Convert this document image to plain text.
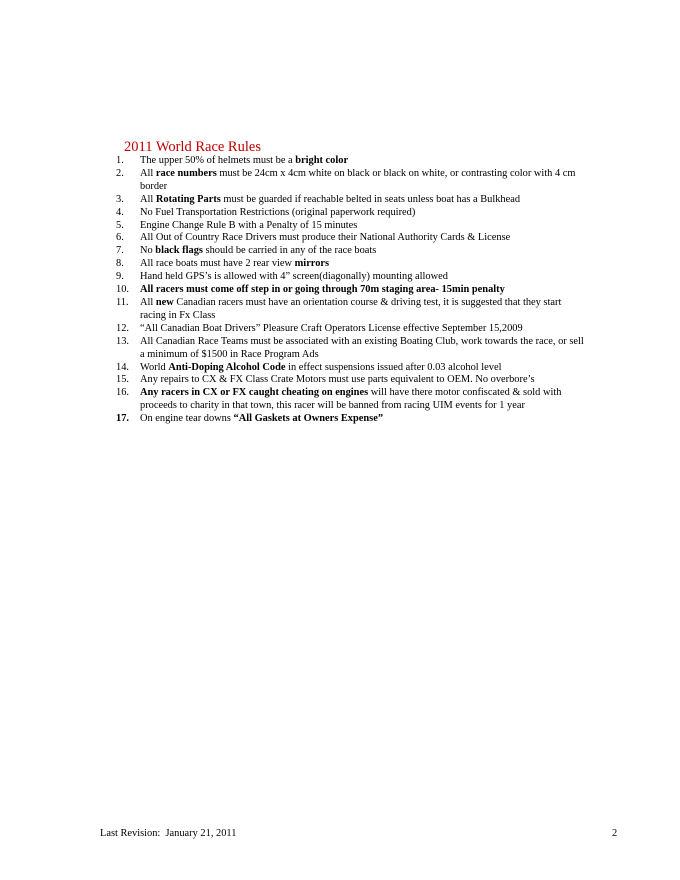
2011 World Race Rules
1.	The upper 50% of helmets must be a bright color
2.	All race numbers must be 24cm x 4cm white on black or black on white, or contrasting color with 4 cm border
3.	All Rotating Parts must be guarded if reachable belted in seats unless boat has a Bulkhead
4.	No Fuel Transportation Restrictions (original paperwork required)
5.	Engine Change Rule B with a Penalty of 15 minutes
6.	All Out of Country Race Drivers must produce their National Authority Cards & License
7.	No black flags should be carried in any of the race boats
8.	All race boats must have 2 rear view mirrors
9.	Hand held GPS’s is allowed with 4” screen(diagonally) mounting allowed
10.	All racers must come off step in or going through 70m staging area- 15min penalty
11.	All new Canadian racers must have an orientation course & driving test, it is suggested that they start racing in Fx Class
12.	“All Canadian Boat Drivers” Pleasure Craft Operators License effective September 15,2009
13.	All Canadian Race Teams must be associated with an existing Boating Club, work towards the race, or sell a minimum of $1500 in Race Program Ads
14.	World Anti-Doping Alcohol Code in effect suspensions issued after 0.03 alcohol level
15.	Any repairs to CX & FX Class Crate Motors must use parts equivalent to OEM. No overbore’s
16.	Any racers in CX or FX caught cheating on engines will have there motor confiscated & sold with proceeds to charity in that town, this racer will be banned from racing UIM events for 1 year
17.	On engine tear downs “All Gaskets at Owners Expense”
Last Revision:  January 21, 2011	2
